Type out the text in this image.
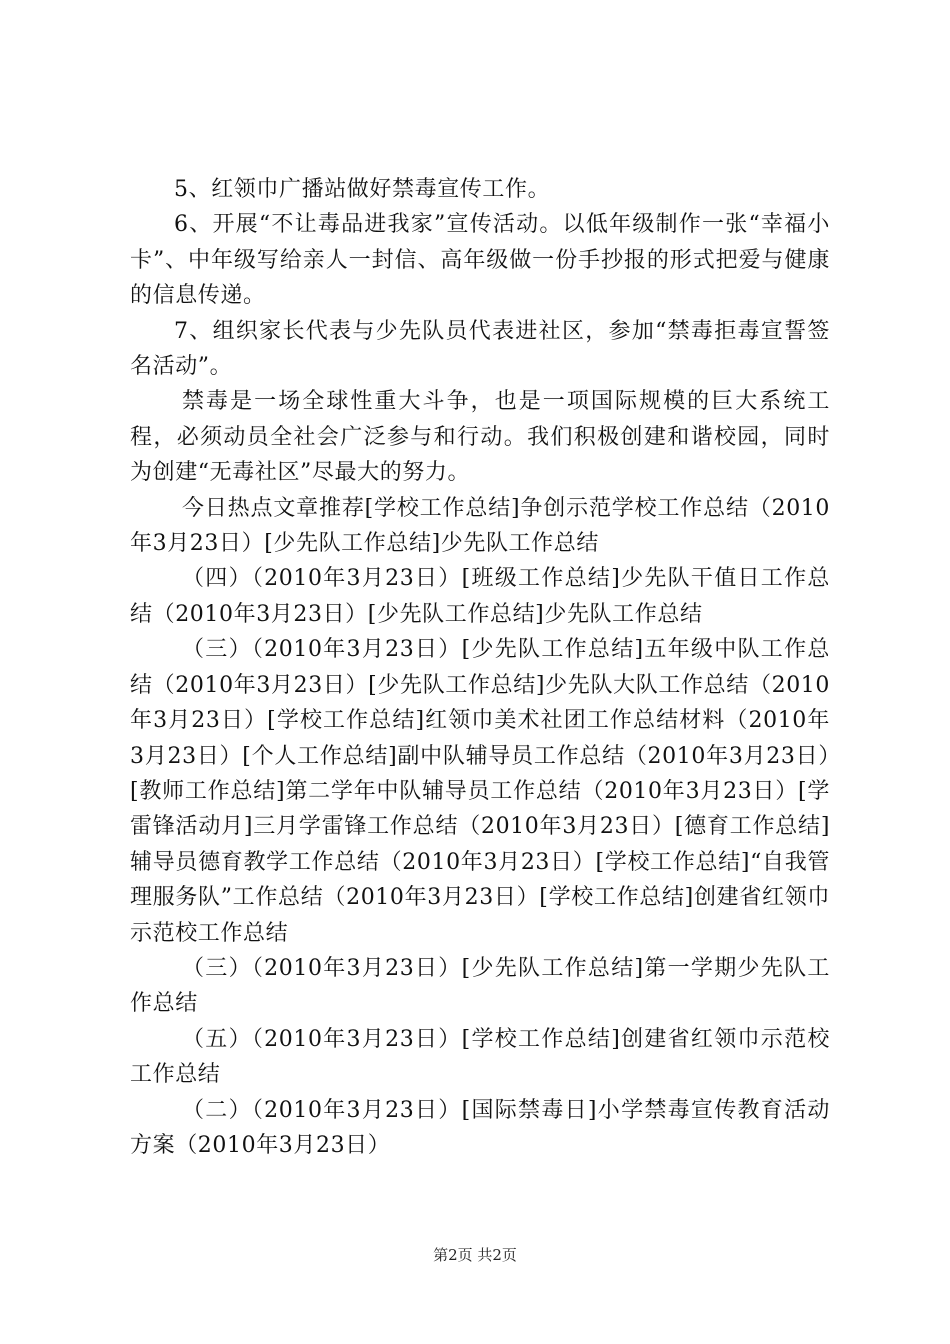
5、红领巾广播站做好禁毒宣传工作。

6、开展“不让毒品进我家”宣传活动。以低年级制作一张“幸福小卡”、中年级写给亲人一封信、高年级做一份手抄报的形式把爱与健康的信息传递。

7、组织家长代表与少先队员代表进社区，参加“禁毒拒毒宣誓签名活动”。

禁毒是一场全球性重大斗争，也是一项国际规模的巨大系统工程，必须动员全社会广泛参与和行动。我们积极创建和谐校园，同时为创建“无毒社区”尽最大的努力。

今日热点文章推荐[学校工作总结]争创示范学校工作总结（2010年3月23日）[少先队工作总结]少先队工作总结

（四）（2010年3月23日）[班级工作总结]少先队干值日工作总结（2010年3月23日）[少先队工作总结]少先队工作总结

（三）（2010年3月23日）[少先队工作总结]五年级中队工作总结（2010年3月23日）[少先队工作总结]少先队大队工作总结（2010年3月23日）[学校工作总结]红领巾美术社团工作总结材料（2010年3月23日）[个人工作总结]副中队辅导员工作总结（2010年3月23日）[教师工作总结]第二学年中队辅导员工作总结（2010年3月23日）[学雷锋活动月]三月学雷锋工作总结（2010年3月23日）[德育工作总结]辅导员德育教学工作总结（2010年3月23日）[学校工作总结]“自我管理服务队”工作总结（2010年3月23日）[学校工作总结]创建省红领巾示范校工作总结

（三）（2010年3月23日）[少先队工作总结]第一学期少先队工作总结

（五）（2010年3月23日）[学校工作总结]创建省红领巾示范校工作总结

（二）（2010年3月23日）[国际禁毒日]小学禁毒宣传教育活动方案（2010年3月23日）

第2页 共2页
